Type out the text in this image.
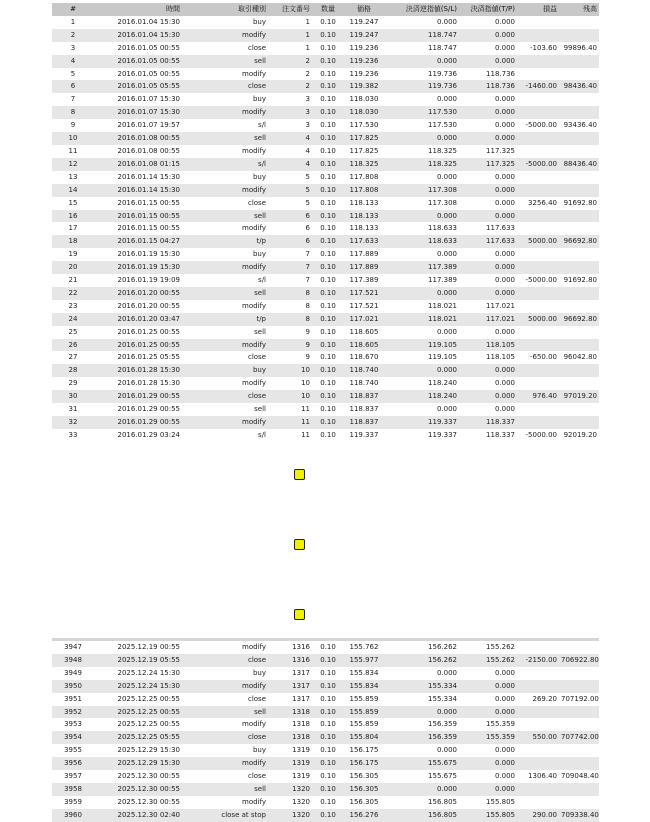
#	時間	取引種別	注文番号	数量	価格	決済逆指値(S/L)	決済指値(T/P)	損益	残高
1	2016.01.04 15:30	buy	1	0.10	119.247	0.000	0.000		
2	2016.01.04 15:30	modify	1	0.10	119.247	118.747	0.000		
3	2016.01.05 00:55	close	1	0.10	119.236	118.747	0.000	-103.60	99896.40
4	2016.01.05 00:55	sell	2	0.10	119.236	0.000	0.000		
5	2016.01.05 00:55	modify	2	0.10	119.236	119.736	118.736		
6	2016.01.05 05:55	close	2	0.10	119.382	119.736	118.736	-1460.00	98436.40
7	2016.01.07 15:30	buy	3	0.10	118.030	0.000	0.000		
8	2016.01.07 15:30	modify	3	0.10	118.030	117.530	0.000		
9	2016.01.07 19:57	s/l	3	0.10	117.530	117.530	0.000	-5000.00	93436.40
10	2016.01.08 00:55	sell	4	0.10	117.825	0.000	0.000		
11	2016.01.08 00:55	modify	4	0.10	117.825	118.325	117.325		
12	2016.01.08 01:15	s/l	4	0.10	118.325	118.325	117.325	-5000.00	88436.40
13	2016.01.14 15:30	buy	5	0.10	117.808	0.000	0.000		
14	2016.01.14 15:30	modify	5	0.10	117.808	117.308	0.000		
15	2016.01.15 00:55	close	5	0.10	118.133	117.308	0.000	3256.40	91692.80
16	2016.01.15 00:55	sell	6	0.10	118.133	0.000	0.000		
17	2016.01.15 00:55	modify	6	0.10	118.133	118.633	117.633		
18	2016.01.15 04:27	t/p	6	0.10	117.633	118.633	117.633	5000.00	96692.80
19	2016.01.19 15:30	buy	7	0.10	117.889	0.000	0.000		
20	2016.01.19 15:30	modify	7	0.10	117.889	117.389	0.000		
21	2016.01.19 19:09	s/l	7	0.10	117.389	117.389	0.000	-5000.00	91692.80
22	2016.01.20 00:55	sell	8	0.10	117.521	0.000	0.000		
23	2016.01.20 00:55	modify	8	0.10	117.521	118.021	117.021		
24	2016.01.20 03:47	t/p	8	0.10	117.021	118.021	117.021	5000.00	96692.80
25	2016.01.25 00:55	sell	9	0.10	118.605	0.000	0.000		
26	2016.01.25 00:55	modify	9	0.10	118.605	119.105	118.105		
27	2016.01.25 05:55	close	9	0.10	118.670	119.105	118.105	-650.00	96042.80
28	2016.01.28 15:30	buy	10	0.10	118.740	0.000	0.000		
29	2016.01.28 15:30	modify	10	0.10	118.740	118.240	0.000		
30	2016.01.29 00:55	close	10	0.10	118.837	118.240	0.000	976.40	97019.20
31	2016.01.29 00:55	sell	11	0.10	118.837	0.000	0.000		
32	2016.01.29 00:55	modify	11	0.10	118.837	119.337	118.337		
33	2016.01.29 03:24	s/l	11	0.10	119.337	119.337	118.337	-5000.00	92019.20
3947	2025.12.19 00:55	modify	1316	0.10	155.762	156.262	155.262		
3948	2025.12.19 05:55	close	1316	0.10	155.977	156.262	155.262	-2150.00	706922.80
3949	2025.12.24 15:30	buy	1317	0.10	155.834	0.000	0.000		
3950	2025.12.24 15:30	modify	1317	0.10	155.834	155.334	0.000		
3951	2025.12.25 00:55	close	1317	0.10	155.859	155.334	0.000	269.20	707192.00
3952	2025.12.25 00:55	sell	1318	0.10	155.859	0.000	0.000		
3953	2025.12.25 00:55	modify	1318	0.10	155.859	156.359	155.359		
3954	2025.12.25 05:55	close	1318	0.10	155.804	156.359	155.359	550.00	707742.00
3955	2025.12.29 15:30	buy	1319	0.10	156.175	0.000	0.000		
3956	2025.12.29 15:30	modify	1319	0.10	156.175	155.675	0.000		
3957	2025.12.30 00:55	close	1319	0.10	156.305	155.675	0.000	1306.40	709048.40
3958	2025.12.30 00:55	sell	1320	0.10	156.305	0.000	0.000		
3959	2025.12.30 00:55	modify	1320	0.10	156.305	156.805	155.805		
3960	2025.12.30 02:40	close at stop	1320	0.10	156.276	156.805	155.805	290.00	709338.40
